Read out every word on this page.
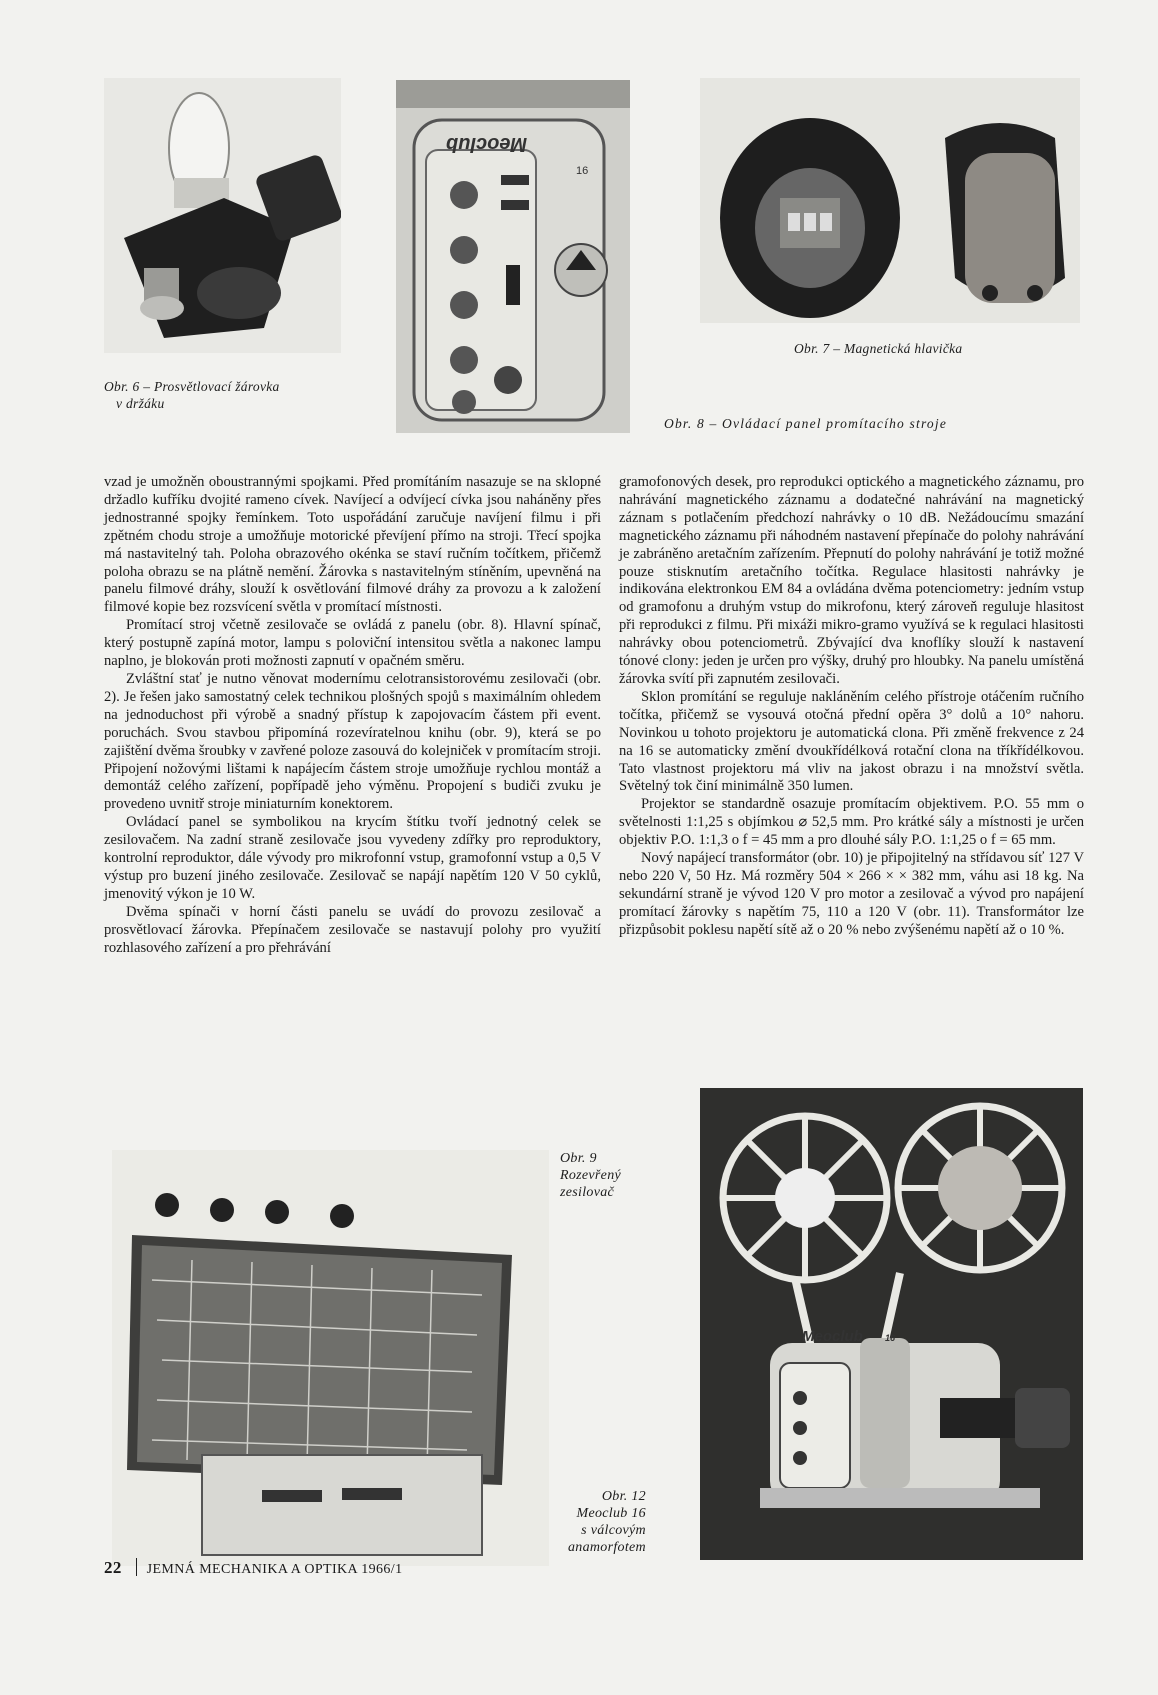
Meoclub
16
Obr. 6 – Prosvětlovací žárovka
v držáku
Obr. 7 – Magnetická hlavička
Obr. 8 – Ovládací panel promítacího stroje

vzad je umožněn oboustrannými spojkami. Před promítáním nasazuje se na sklopné držadlo kufříku dvojité rameno cívek. Navíjecí a odvíjecí cívka jsou naháněny přes jednostranné spojky řemínkem. Toto uspořádání zaručuje navíjení filmu i při zpětném chodu stroje a umožňuje motorické převíjení přímo na stroji. Třecí spojka má nastavitelný tah. Poloha obrazového okénka se staví ručním točítkem, přičemž poloha obrazu se na plátně nemění. Žárovka s nastavitelným stíněním, upevněná na panelu filmové dráhy, slouží k osvětlování filmové dráhy za provozu a k založení filmové kopie bez rozsvícení světla v promítací místnosti.

Promítací stroj včetně zesilovače se ovládá z panelu (obr. 8). Hlavní spínač, který postupně zapíná motor, lampu s poloviční intensitou světla a nakonec lampu naplno, je blokován proti možnosti zapnutí v opačném směru.

Zvláštní stať je nutno věnovat modernímu celotransistorovému zesilovači (obr. 2). Je řešen jako samostatný celek technikou plošných spojů s maximálním ohledem na jednoduchost při výrobě a snadný přístup k zapojovacím částem při event. poruchách. Svou stavbou připomíná rozevíratelnou knihu (obr. 9), která se po zajištění dvěma šroubky v zavřené poloze zasouvá do kolejniček v promítacím stroji. Připojení nožovými lištami k napájecím částem stroje umožňuje rychlou montáž a demontáž celého zařízení, popřípadě jeho výměnu. Propojení s budiči zvuku je provedeno uvnitř stroje miniaturním konektorem.

Ovládací panel se symbolikou na krycím štítku tvoří jednotný celek se zesilovačem. Na zadní straně zesilovače jsou vyvedeny zdířky pro reproduktory, kontrolní reproduktor, dále vývody pro mikrofonní vstup, gramofonní vstup a 0,5 V výstup pro buzení jiného zesilovače. Zesilovač se napájí napětím 120 V 50 cyklů, jmenovitý výkon je 10 W.

Dvěma spínači v horní části panelu se uvádí do provozu zesilovač a prosvětlovací žárovka. Přepínačem zesilovače se nastavují polohy pro využití rozhlasového zařízení a pro přehrávání

gramofonových desek, pro reprodukci optického a magnetického záznamu, pro nahrávání magnetického záznamu a dodatečné nahrávání na magnetický záznam s potlačením předchozí nahrávky o 10 dB. Nežádoucímu smazání magnetického záznamu při náhodném nastavení přepínače do polohy nahrávání je zabráněno aretačním zařízením. Přepnutí do polohy nahrávání je totiž možné pouze stisknutím aretačního točítka. Regulace hlasitosti nahrávky je indikována elektronkou EM 84 a ovládána dvěma potenciometry: jedním vstup od gramofonu a druhým vstup do mikrofonu, který zároveň reguluje hlasitost při reprodukci z filmu. Při mixáži mikro-gramo využívá se k regulaci hlasitosti nahrávky obou potenciometrů. Zbývající dva knoflíky slouží k nastavení tónové clony: jeden je určen pro výšky, druhý pro hloubky. Na panelu umístěná žárovka svítí při zapnutém zesilovači.

Sklon promítání se reguluje nakláněním celého přístroje otáčením ručního točítka, přičemž se vysouvá otočná přední opěra 3° dolů a 10° nahoru. Novinkou u tohoto projektoru je automatická clona. Při změně frekvence z 24 na 16 se automaticky změní dvoukřídélková rotační clona na tříkřídélkovou. Tato vlastnost projektoru má vliv na jakost obrazu i na množství světla. Světelný tok činí minimálně 350 lumen.

Projektor se standardně osazuje promítacím objektivem. P.O. 55 mm o světelnosti 1:1,25 s objímkou ⌀ 52,5 mm. Pro krátké sály a místnosti je určen objektiv P.O. 1:1,3 o f = 45 mm a pro dlouhé sály P.O. 1:1,25 o f = 65 mm.

Nový napájecí transformátor (obr. 10) je připojitelný na střídavou síť 127 V nebo 220 V, 50 Hz. Má rozměry 504 × 266 × × 382 mm, váhu asi 18 kg. Na sekundární straně je vývod 120 V pro motor a zesilovač a vývod pro napájení promítací žárovky s napětím 75, 110 a 120 V (obr. 11). Transformátor lze přizpůsobit poklesu napětí sítě až o 20 % nebo zvýšenému napětí až o 10 %.

Obr. 9
Rozevřený
zesilovač
Obr. 12
Meoclub 16
s válcovým
anamorfotem
Meoclub 16
22 JEMNÁ MECHANIKA A OPTIKA 1966/1
